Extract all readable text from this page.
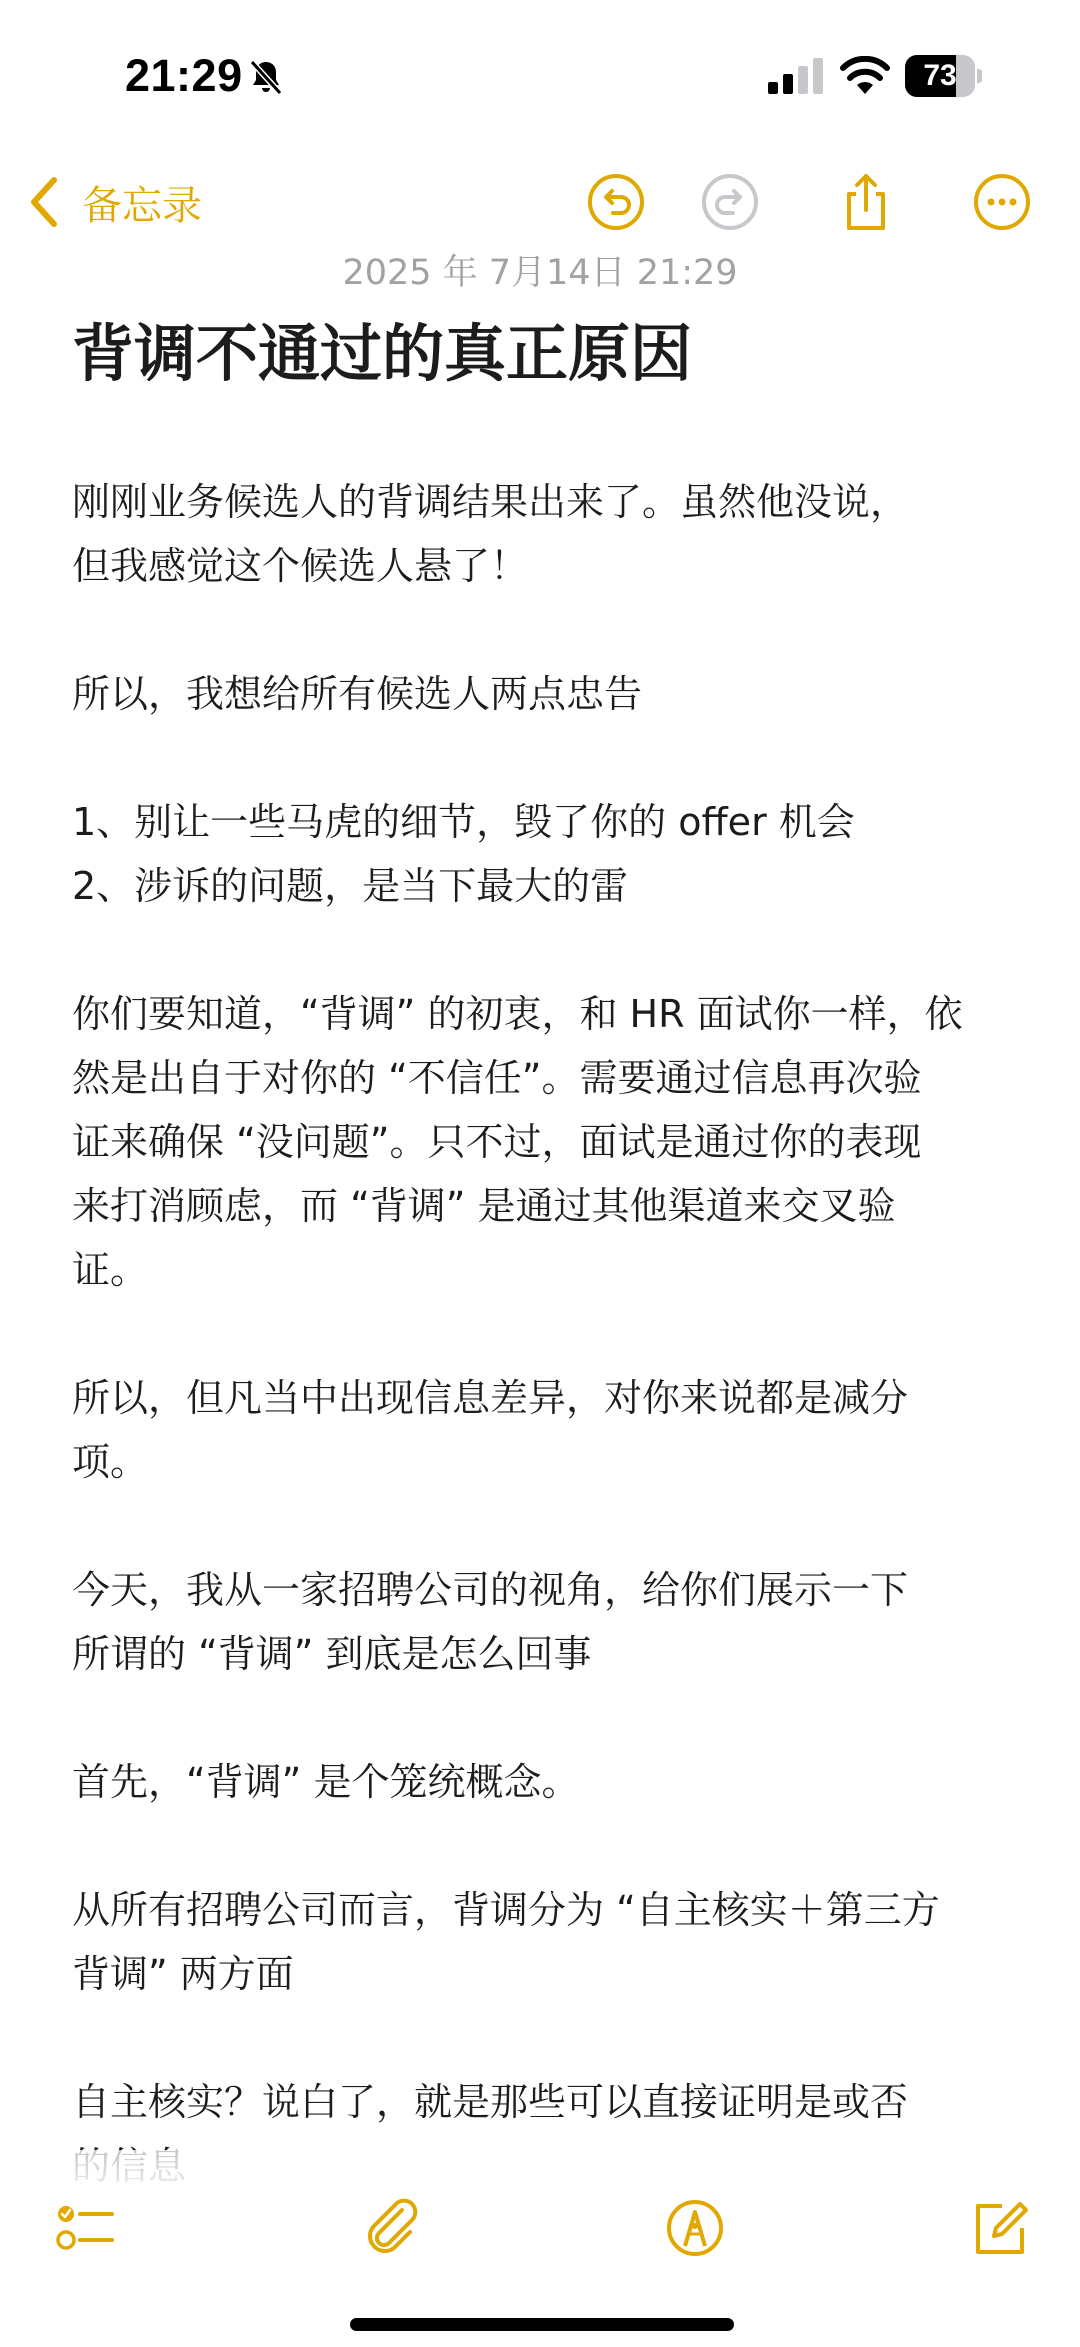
21:29	73
备忘录
2025 年 7月14日 21:29
背调不通过的真正原因
刚刚业务候选人的背调结果出来了。虽然他没说，
但我感觉这个候选人悬了！
所以，我想给所有候选人两点忠告
1、别让一些马虎的细节，毁了你的 offer 机会
2、涉诉的问题，是当下最大的雷
你们要知道，“背调” 的初衷，和 HR 面试你一样，依
然是出自于对你的 “不信任”。需要通过信息再次验
证来确保 “没问题”。只不过，面试是通过你的表现
来打消顾虑，而 “背调” 是通过其他渠道来交叉验
证。
所以，但凡当中出现信息差异，对你来说都是减分
项。
今天，我从一家招聘公司的视角，给你们展示一下
所谓的 “背调” 到底是怎么回事
首先，“背调” 是个笼统概念。
从所有招聘公司而言，背调分为 “自主核实＋第三方
背调” 两方面
自主核实？说白了，就是那些可以直接证明是或否
